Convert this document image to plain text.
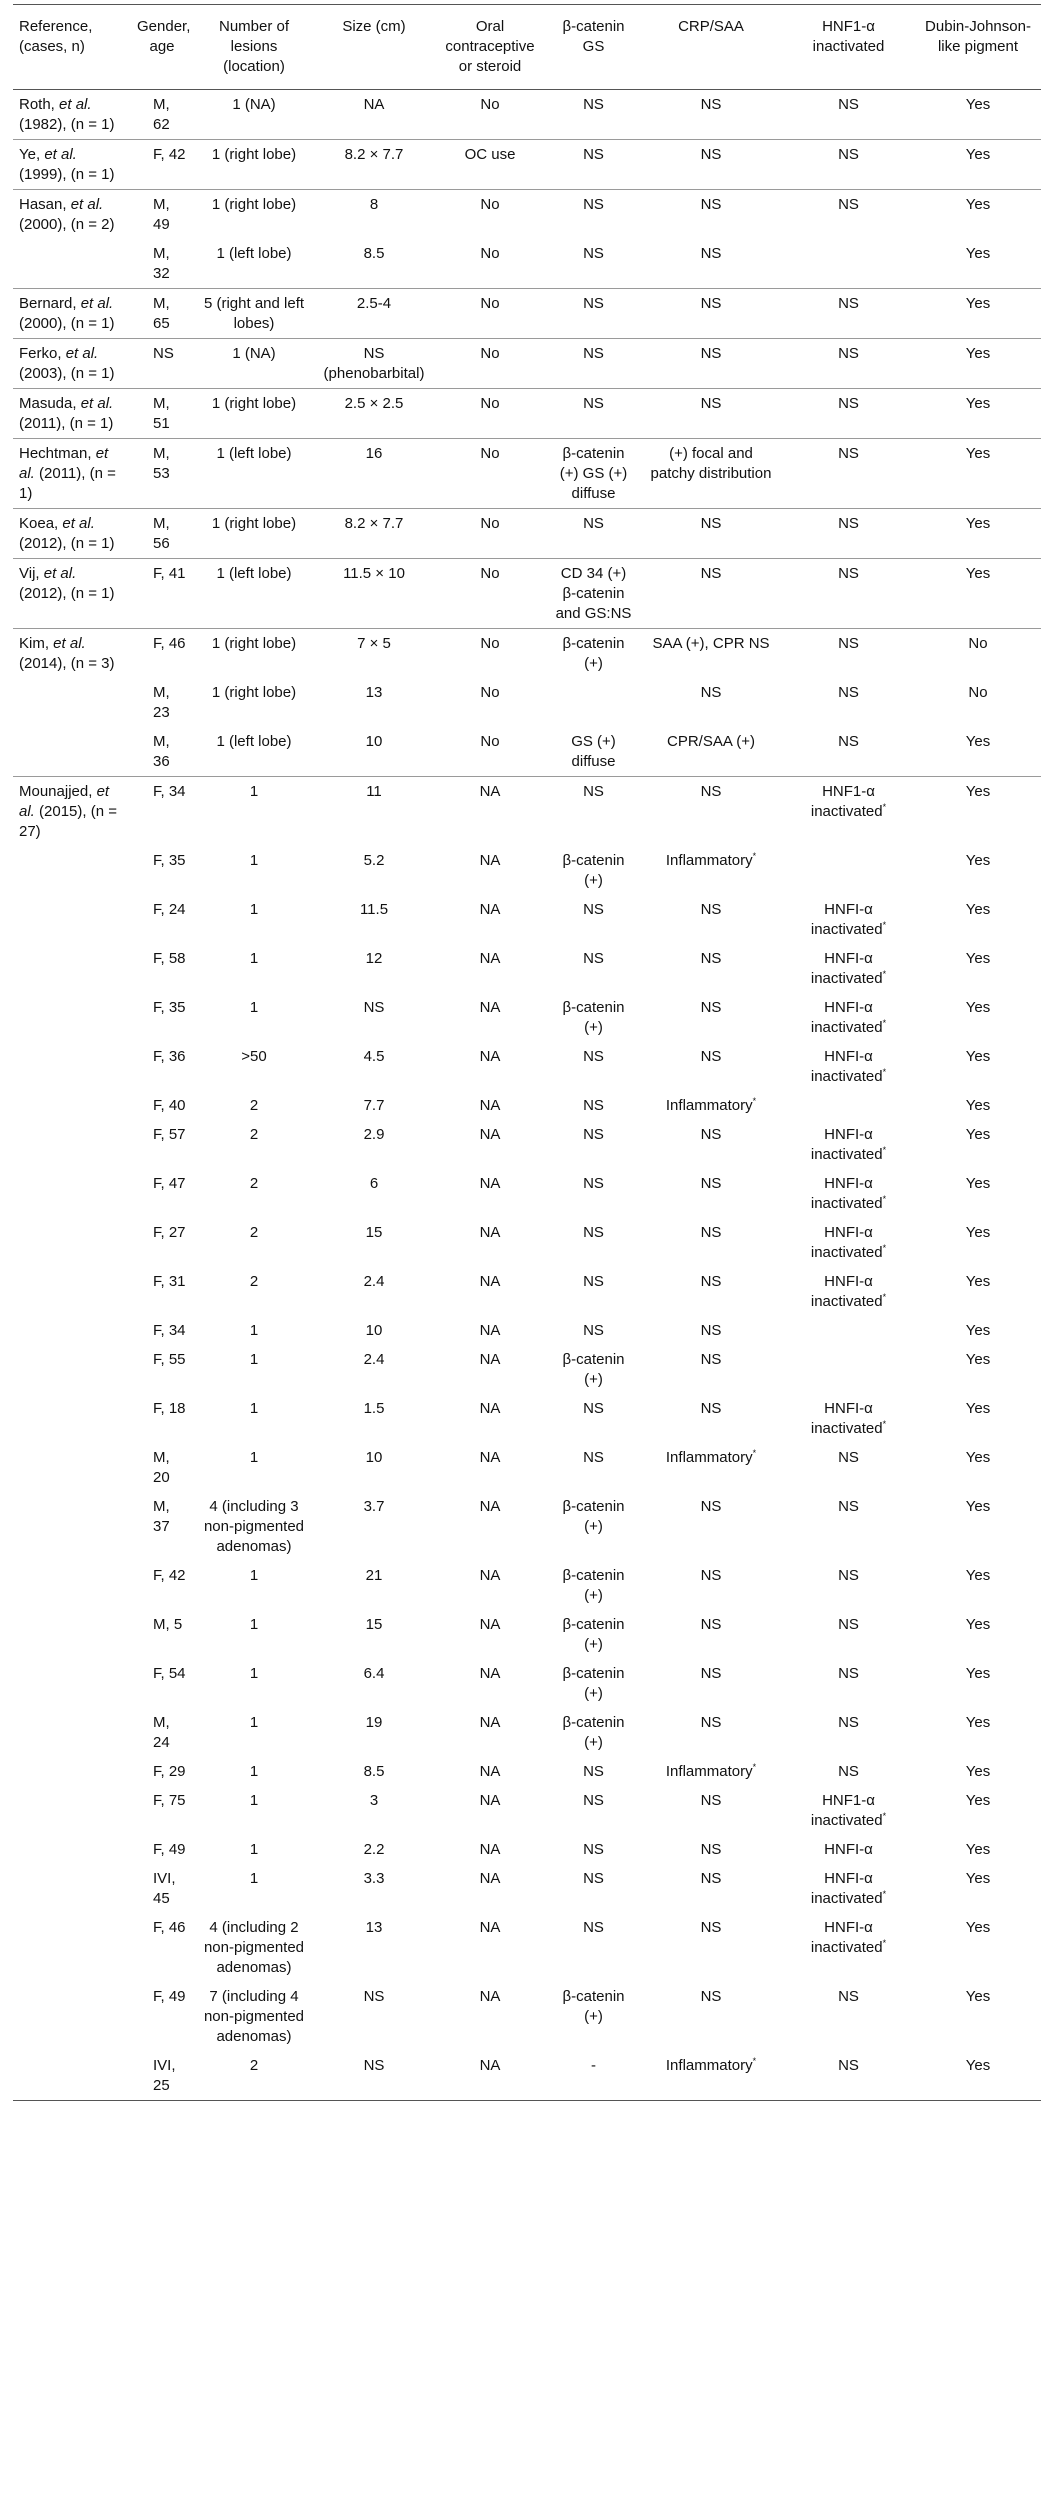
Reference, (cases, n)	Gender, age	Number of lesions (location)	Size (cm)	Oral contraceptive or steroid	β-catenin GS	CRP/SAA	HNF1-α inactivated	Dubin-Johnson-like pigment
Roth, et al. (1982), (n = 1)	M, 62	1 (NA)	NA	No	NS	NS	NS	Yes
Ye, et al. (1999), (n = 1)	F, 42	1 (right lobe)	8.2 × 7.7	OC use	NS	NS	NS	Yes
Hasan, et al. (2000), (n = 2)	M, 49	1 (right lobe)	8	No	NS	NS	NS	Yes
	M, 32	1 (left lobe)	8.5	No	NS	NS		Yes
Bernard, et al. (2000), (n = 1)	M, 65	5 (right and left lobes)	2.5-4	No	NS	NS	NS	Yes
Ferko, et al. (2003), (n = 1)	NS	1 (NA)	NS (phenobarbital)	No	NS	NS	NS	Yes
Masuda, et al. (2011), (n = 1)	M, 51	1 (right lobe)	2.5 × 2.5	No	NS	NS	NS	Yes
Hechtman, et al. (2011), (n = 1)	M, 53	1 (left lobe)	16	No	β-catenin (+) GS (+) diffuse	(+) focal and patchy distribution	NS	Yes
Koea, et al. (2012), (n = 1)	M, 56	1 (right lobe)	8.2 × 7.7	No	NS	NS	NS	Yes
Vij, et al. (2012), (n = 1)	F, 41	1 (left lobe)	11.5 × 10	No	CD 34 (+) β-catenin and GS:NS	NS	NS	Yes
Kim, et al. (2014), (n = 3)	F, 46	1 (right lobe)	7 × 5	No	β-catenin (+)	SAA (+), CPR NS	NS	No
	M, 23	1 (right lobe)	13	No		NS	NS	No
	M, 36	1 (left lobe)	10	No	GS (+) diffuse	CPR/SAA (+)	NS	Yes
Mounajjed, et al. (2015), (n = 27)	F, 34	1	11	NA	NS	NS	HNF1-α inactivated*	Yes
	F, 35	1	5.2	NA	β-catenin (+)	Inflammatory*		Yes
	F, 24	1	11.5	NA	NS	NS	HNFI-α inactivated*	Yes
	F, 58	1	12	NA	NS	NS	HNFI-α inactivated*	Yes
	F, 35	1	NS	NA	β-catenin (+)	NS	HNFI-α inactivated*	Yes
	F, 36	>50	4.5	NA	NS	NS	HNFI-α inactivated*	Yes
	F, 40	2	7.7	NA	NS	Inflammatory*		Yes
	F, 57	2	2.9	NA	NS	NS	HNFI-α inactivated*	Yes
	F, 47	2	6	NA	NS	NS	HNFI-α inactivated*	Yes
	F, 27	2	15	NA	NS	NS	HNFI-α inactivated*	Yes
	F, 31	2	2.4	NA	NS	NS	HNFI-α inactivated*	Yes
	F, 34	1	10	NA	NS	NS		Yes
	F, 55	1	2.4	NA	β-catenin (+)	NS		Yes
	F, 18	1	1.5	NA	NS	NS	HNFI-α inactivated*	Yes
	M, 20	1	10	NA	NS	Inflammatory*	NS	Yes
	M, 37	4 (including 3 non-pigmented adenomas)	3.7	NA	β-catenin (+)	NS	NS	Yes
	F, 42	1	21	NA	β-catenin (+)	NS	NS	Yes
	M, 5	1	15	NA	β-catenin (+)	NS	NS	Yes
	F, 54	1	6.4	NA	β-catenin (+)	NS	NS	Yes
	M, 24	1	19	NA	β-catenin (+)	NS	NS	Yes
	F, 29	1	8.5	NA	NS	Inflammatory*	NS	Yes
	F, 75	1	3	NA	NS	NS	HNF1-α inactivated*	Yes
	F, 49	1	2.2	NA	NS	NS	HNFI-α	Yes
	IVI, 45	1	3.3	NA	NS	NS	HNFI-α inactivated*	Yes
	F, 46	4 (including 2 non-pigmented adenomas)	13	NA	NS	NS	HNFI-α inactivated*	Yes
	F, 49	7 (including 4 non-pigmented adenomas)	NS	NA	β-catenin (+)	NS	NS	Yes
	IVI, 25	2	NS	NA	-	Inflammatory*	NS	Yes
